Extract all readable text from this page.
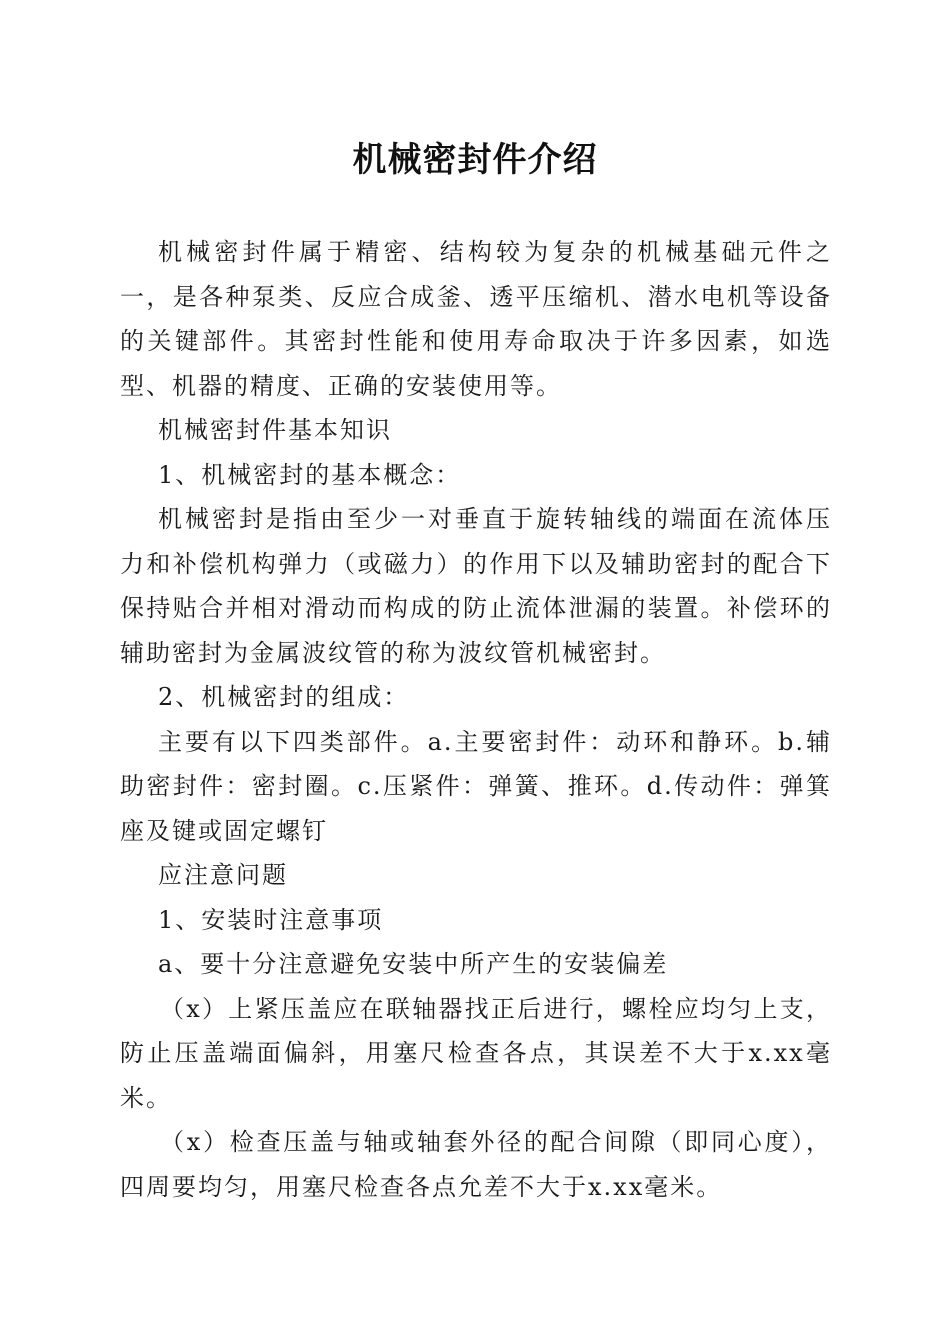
机械密封件介绍

机械密封件属于精密、结构较为复杂的机械基础元件之一，是各种泵类、反应合成釜、透平压缩机、潜水电机等设备的关键部件。其密封性能和使用寿命取决于许多因素，如选型、机器的精度、正确的安装使用等。

机械密封件基本知识

1、机械密封的基本概念：

机械密封是指由至少一对垂直于旋转轴线的端面在流体压力和补偿机构弹力（或磁力）的作用下以及辅助密封的配合下保持贴合并相对滑动而构成的防止流体泄漏的装置。补偿环的辅助密封为金属波纹管的称为波纹管机械密封。

2、机械密封的组成：

主要有以下四类部件。a.主要密封件：动环和静环。b.辅助密封件：密封圈。c.压紧件：弹簧、推环。d.传动件：弹箕座及键或固定螺钉

应注意问题

1、安装时注意事项

a、要十分注意避免安装中所产生的安装偏差

（x）上紧压盖应在联轴器找正后进行，螺栓应均匀上支，防止压盖端面偏斜，用塞尺检查各点，其误差不大于x.xx毫米。

（x）检查压盖与轴或轴套外径的配合间隙（即同心度），四周要均匀，用塞尺检查各点允差不大于x.xx毫米。
